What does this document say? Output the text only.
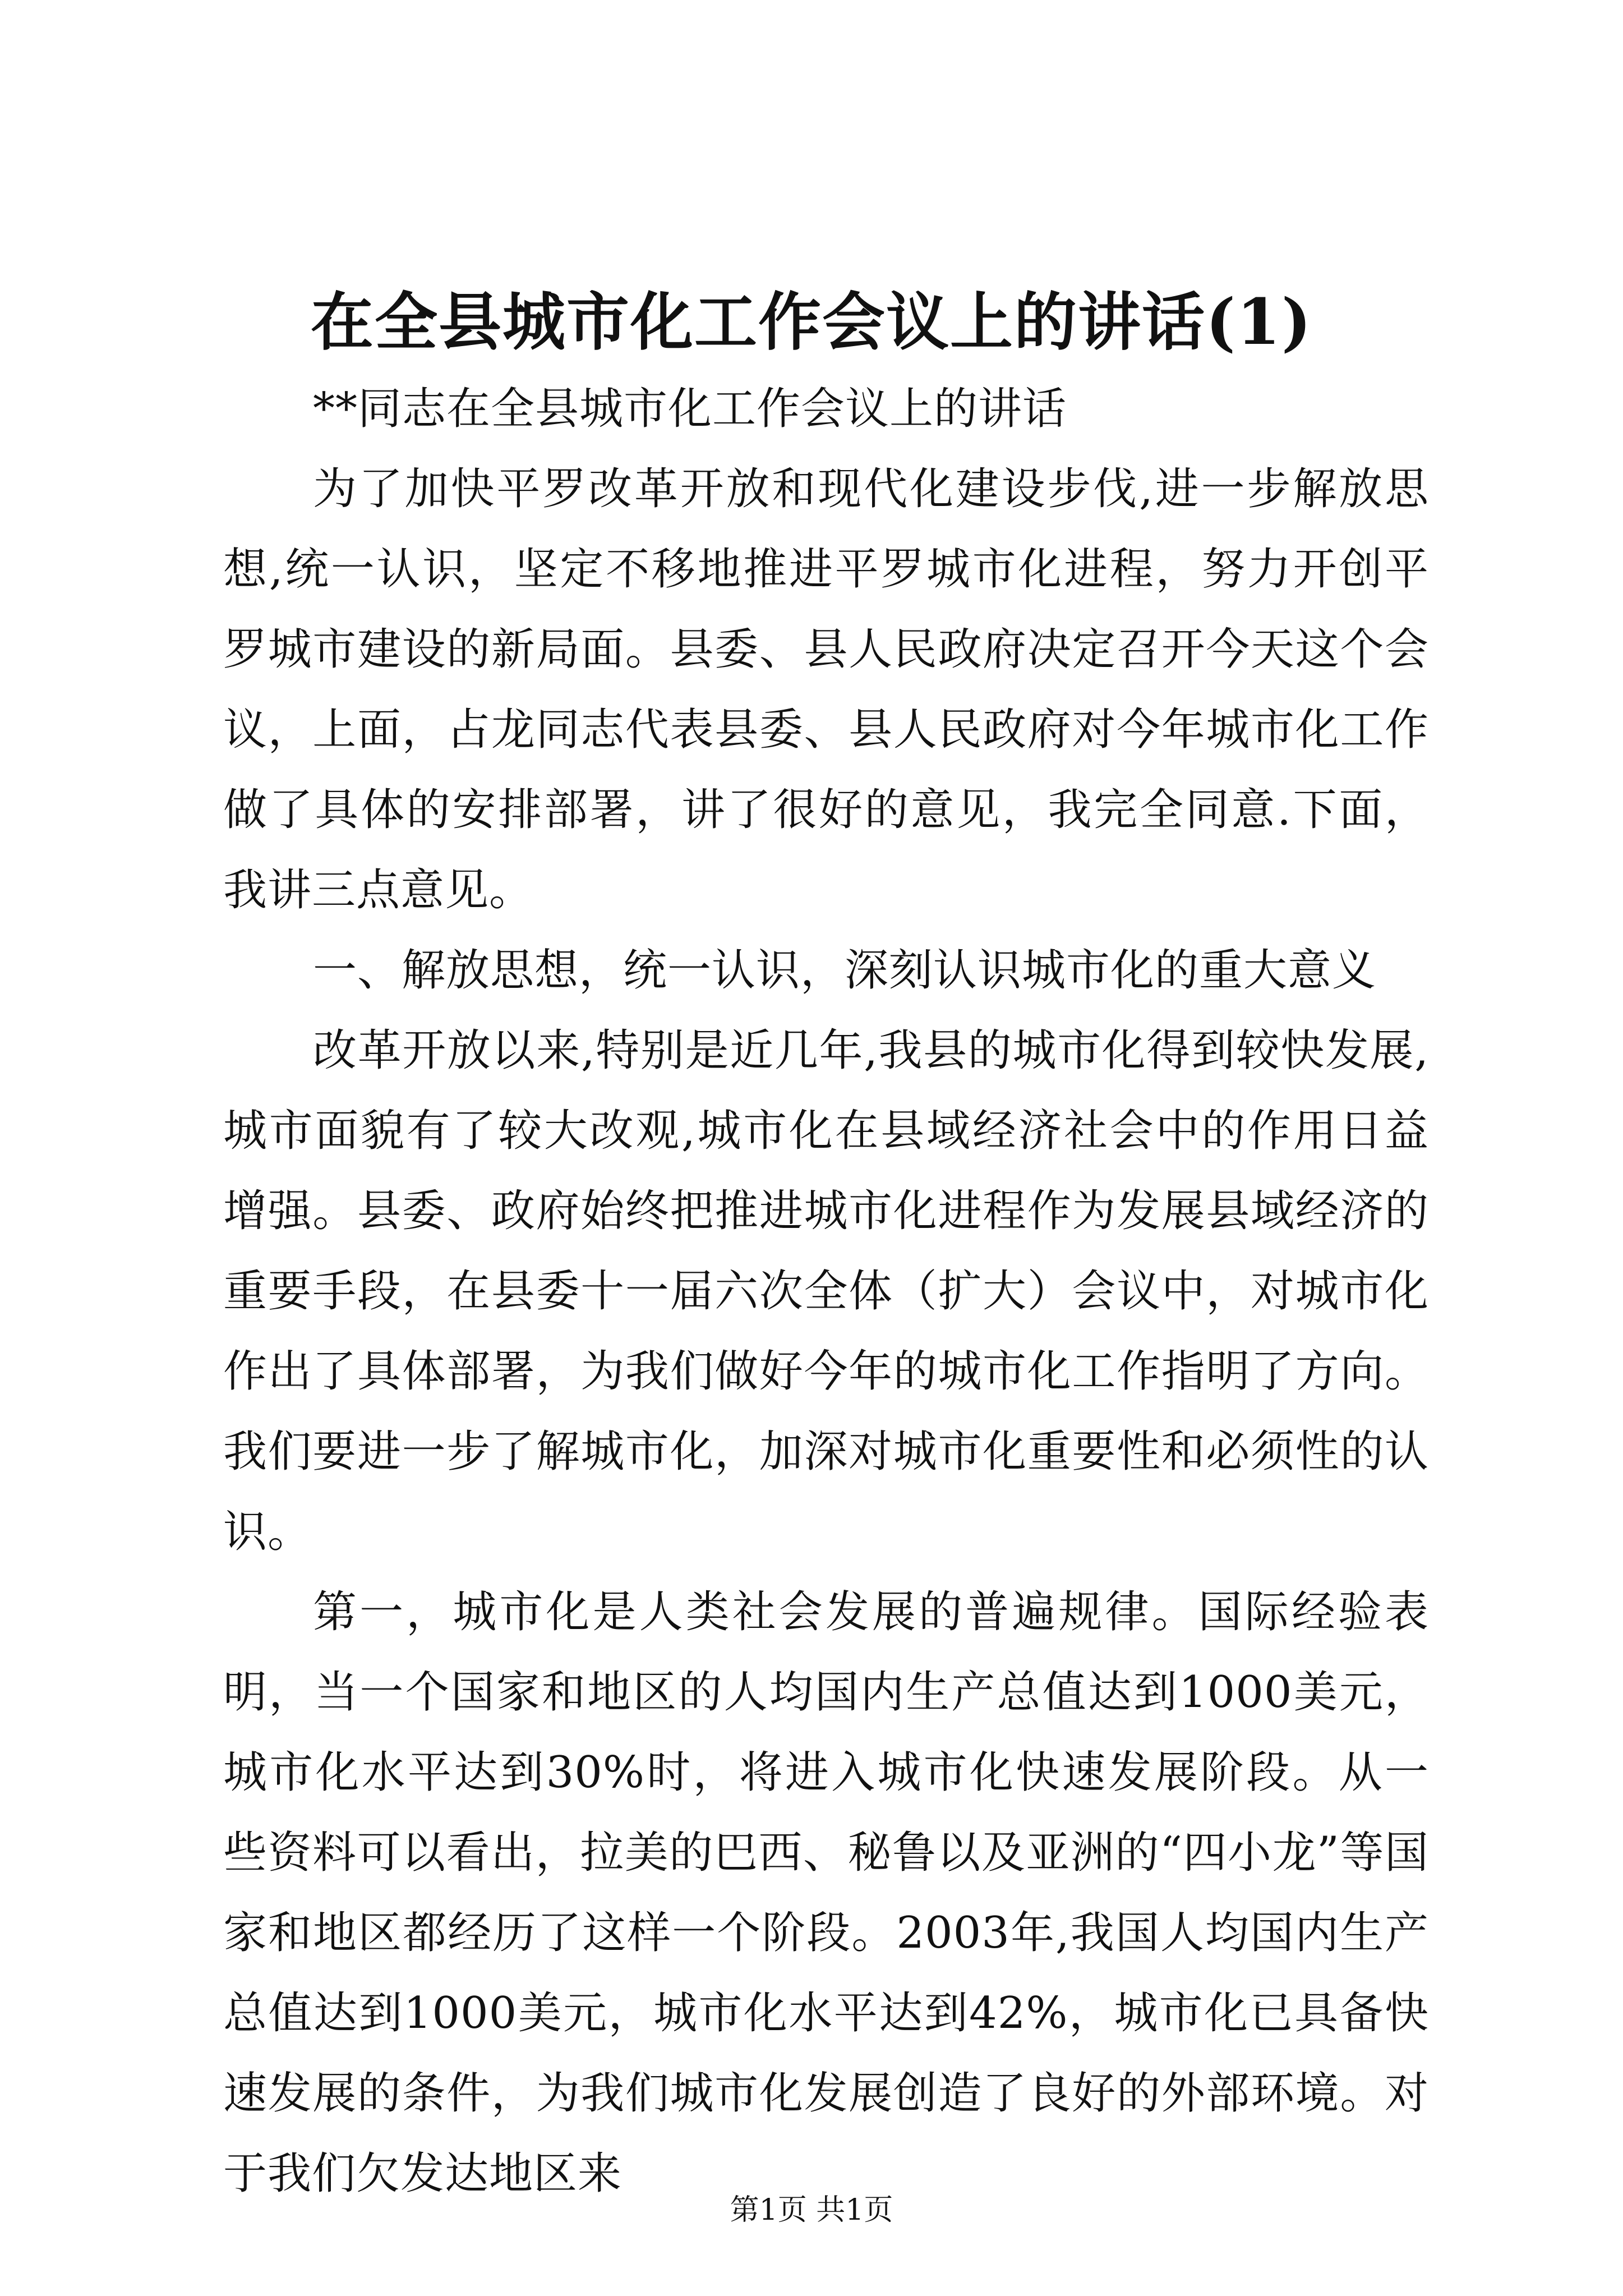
在全县城市化工作会议上的讲话(1)

**同志在全县城市化工作会议上的讲话

为了加快平罗改革开放和现代化建设步伐,进一步解放思想,统一认识，坚定不移地推进平罗城市化进程，努力开创平罗城市建设的新局面。县委、县人民政府决定召开今天这个会议，上面，占龙同志代表县委、县人民政府对今年城市化工作做了具体的安排部署，讲了很好的意见，我完全同意.下面，我讲三点意见。

一、解放思想，统一认识，深刻认识城市化的重大意义

改革开放以来,特别是近几年,我县的城市化得到较快发展,城市面貌有了较大改观,城市化在县域经济社会中的作用日益增强。县委、政府始终把推进城市化进程作为发展县域经济的重要手段，在县委十一届六次全体（扩大）会议中，对城市化作出了具体部署，为我们做好今年的城市化工作指明了方向。我们要进一步了解城市化，加深对城市化重要性和必须性的认识。

第一，城市化是人类社会发展的普遍规律。国际经验表明，当一个国家和地区的人均国内生产总值达到1000美元，城市化水平达到30%时，将进入城市化快速发展阶段。从一些资料可以看出，拉美的巴西、秘鲁以及亚洲的“四小龙”等国家和地区都经历了这样一个阶段。2003年,我国人均国内生产总值达到1000美元，城市化水平达到42%，城市化已具备快速发展的条件，为我们城市化发展创造了良好的外部环境。对于我们欠发达地区来

第1页 共1页
